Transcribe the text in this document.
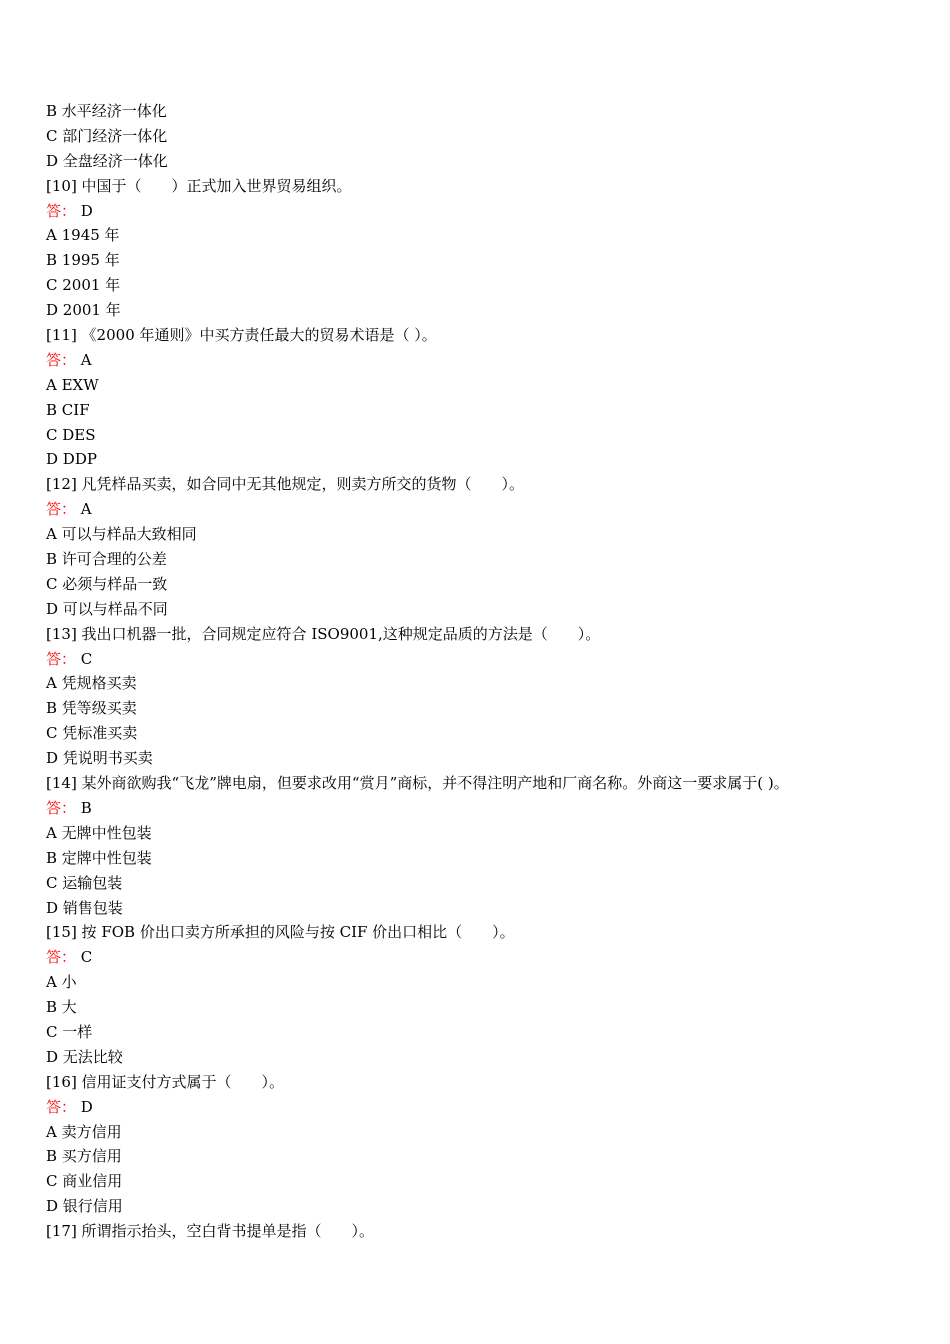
B 水平经济一体化
C 部门经济一体化
D 全盘经济一体化
[10] 中国于（　　）正式加入世界贸易组织。
答： D
A 1945 年
B 1995 年
C 2001 年
D 2001 年
[11] 《2000 年通则》中买方责任最大的贸易术语是（ ）。
答： A
A EXW
B CIF
C DES
D DDP
[12] 凡凭样品买卖，如合同中无其他规定，则卖方所交的货物（　　）。
答： A
A 可以与样品大致相同
B 许可合理的公差
C 必须与样品一致
D 可以与样品不同
[13] 我出口机器一批，合同规定应符合 ISO9001,这种规定品质的方法是（　　）。
答： C
A 凭规格买卖
B 凭等级买卖
C 凭标准买卖
D 凭说明书买卖
[14] 某外商欲购我“飞龙”牌电扇，但要求改用“赏月”商标，并不得注明产地和厂商名称。外商这一要求属于( )。
答： B
A 无牌中性包装
B 定牌中性包装
C 运输包装
D 销售包装
[15] 按 FOB 价出口卖方所承担的风险与按 CIF 价出口相比（　　）。
答： C
A 小
B 大
C 一样
D 无法比较
[16] 信用证支付方式属于（　　）。
答： D
A 卖方信用
B 买方信用
C 商业信用
D 银行信用
[17] 所谓指示抬头，空白背书提单是指（　　）。
